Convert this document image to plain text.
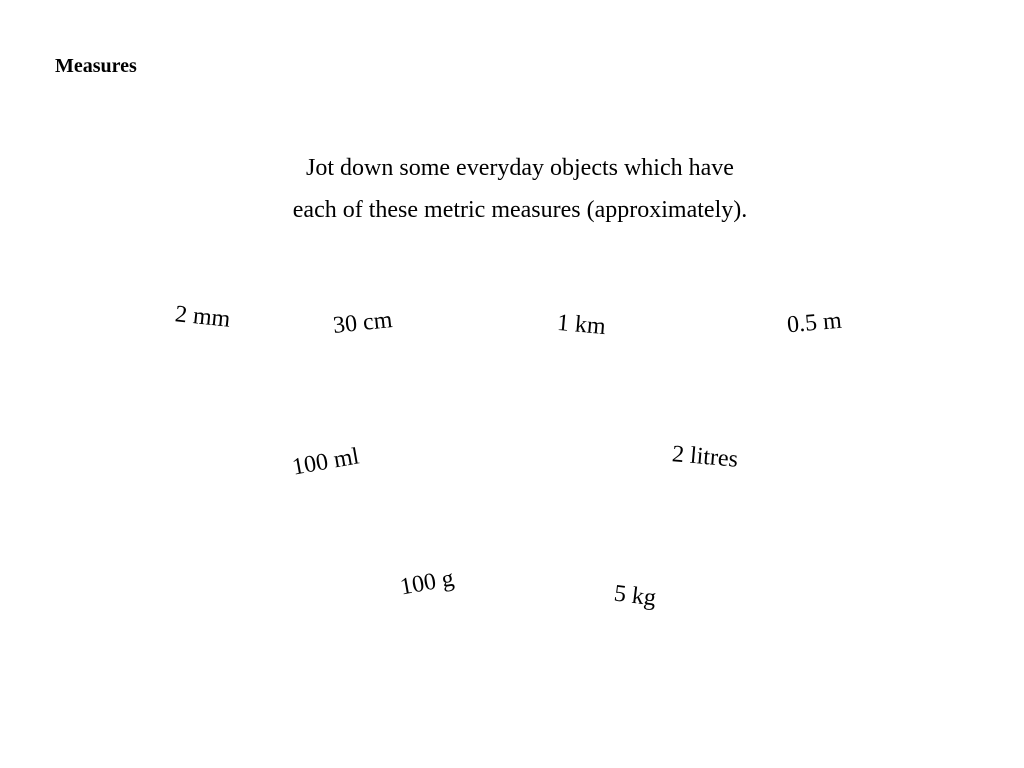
Measures
Jot down some everyday objects which have
each of these metric measures (approximately).
2 mm	30 cm	1 km	0.5 m
100 ml	2 litres
100 g	5 kg
